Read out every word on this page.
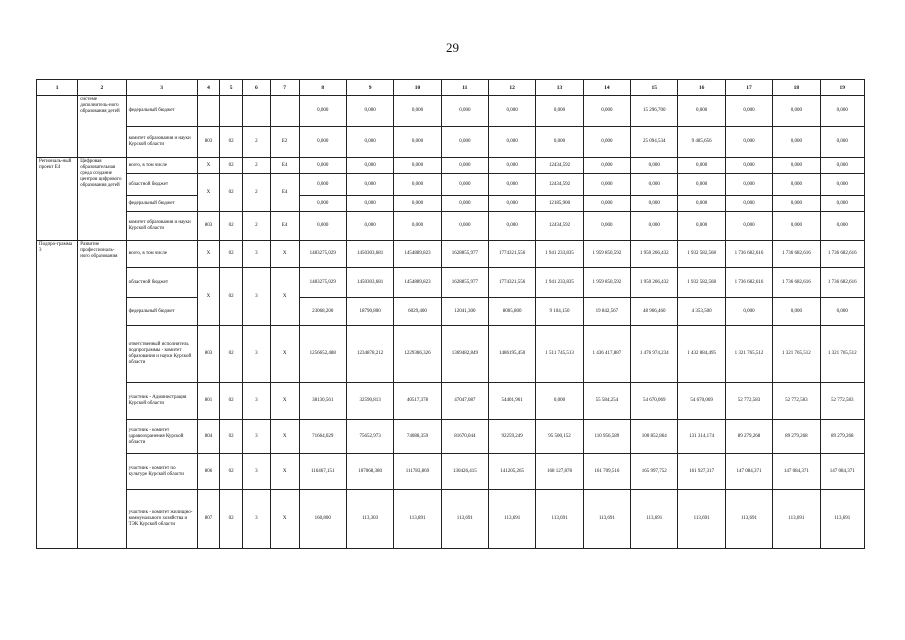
29
1	2	3	4	5	6	7	8	9	10	11	12	13	14	15	16	17	18	19
	системе дополнитель-ного образования детей	федеральный бюджет					0,000	0,000	0,000	0,000	0,000	0,000	0,000	15 296,700	0,000	0,000	0,000	0,000
		комитет образования и науки Курской области	803	02	2	Е2	0,000	0,000	0,000	0,000	0,000	0,000	0,000	25 094,534	9 485,656	0,000	0,000	0,000
Региональ-ный проект Е4	Цифровая образовательная среда создание центров цифрового образования детей	всего, в том числе	Х	02	2	Е4	0,000	0,000	0,000	0,000	0,000	12434,592	0,000	0,000	0,000	0,000	0,000	0,000
		областной бюджет	Х	02	2	Е4	0,000	0,000	0,000	0,000	0,000	12434,592	0,000	0,000	0,000	0,000	0,000	0,000
		федеральный бюджет					0,000	0,000	0,000	0,000	0,000	12185,900	0,000	0,000	0,000	0,000	0,000	0,000
		комитет образования и науки Курской области	803	02	2	Е4	0,000	0,000	0,000	0,000	0,000	12434,592	0,000	0,000	0,000	0,000	0,000	0,000
Подпро-грамма 3	Развитие профессиональ-ного образования	всего, в том числе	Х	02	3	Х	1483275,029	1450303,681	1454889,823	1628855,977	1774321,556	1 941 233,835	1 959 850,592	1 950 266,432	1 932 582,568	1 736 682,616	1 736 682,616	1 736 682,616
		областной бюджет	Х	02	3	Х	1483275,029	1450303,681	1454889,823	1628855,977	1774321,556	1 941 233,835	1 959 850,592	1 950 266,432	1 932 582,568	1 736 682,616	1 736 682,616	1 736 682,616
		федеральный бюджет					23068,200	18790,800	6029,400	12041,300	8005,800	9 104,150	19 842,567	48 966,460	4 353,500	0,000	0,000	0,000
		ответственный исполнитель подпрограммы - комитет образования и науки Курской области	803	02	3	Х	1256652,488	1234878,212	1229386,326	1369482,849	1486195,450	1 511 745,513	1 436 417,887	1 476 974,234	1 432 884,495	1 321 765,512	1 321 765,512	1 321 765,512
		участник - Администрация Курской области	801	02	3	Х	38130,561	32590,813	40517,378	47047,087	54401,961	0,000	55 584,254	54 670,069	54 670,069	52 772,583	52 772,583	52 772,583
		участник - комитет здравоохранения Курской области	804	02	3	Х	71664,029	75652,973	74088,359	81670,044	92259,249	95 500,152	110 956,589	100 852,864	131 314,174	89 279,268	89 279,268	89 279,268
		участник - комитет по культуре Курской области	806	02	3	Х	116467,151	107068,380	111783,869	130426,415	141205,265	168 127,878	161 709,516	165 997,752	161 927,317	147 084,371	147 084,371	147 084,371
		участник - комитет жилищно-коммунального хозяйства и ТЭК Курской области	807	02	3	Х	160,800	113,303	113,891	113,691	113,691	113,691	113,691	113,691	113,691	113,691	113,691	113,691
